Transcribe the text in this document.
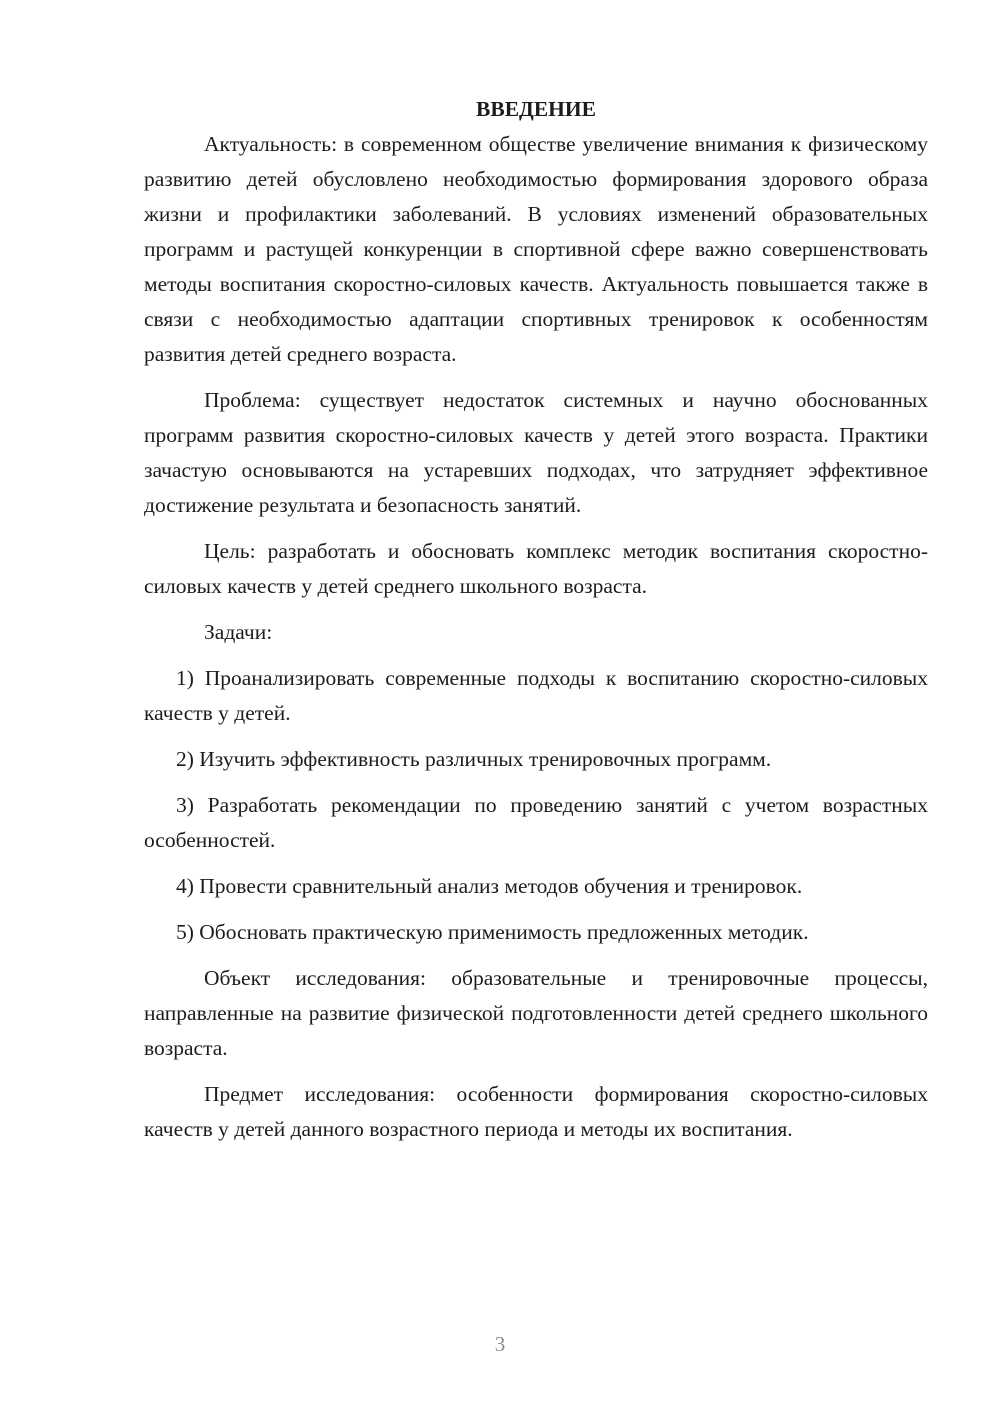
ВВЕДЕНИЕ

Актуальность: в современном обществе увеличение внимания к физическому развитию детей обусловлено необходимостью формирования здорового образа жизни и профилактики заболеваний. В условиях изменений образовательных программ и растущей конкуренции в спортивной сфере важно совершенствовать методы воспитания скоростно-силовых качеств. Актуальность повышается также в связи с необходимостью адаптации спортивных тренировок к особенностям развития детей среднего возраста.

Проблема: существует недостаток системных и научно обоснованных программ развития скоростно-силовых качеств у детей этого возраста. Практики зачастую основываются на устаревших подходах, что затрудняет эффективное достижение результата и безопасность занятий.

Цель: разработать и обосновать комплекс методик воспитания скоростно-силовых качеств у детей среднего школьного возраста.

Задачи:

1) Проанализировать современные подходы к воспитанию скоростно-силовых качеств у детей.

2) Изучить эффективность различных тренировочных программ.

3) Разработать рекомендации по проведению занятий с учетом возрастных особенностей.

4) Провести сравнительный анализ методов обучения и тренировок.

5) Обосновать практическую применимость предложенных методик.

Объект исследования: образовательные и тренировочные процессы, направленные на развитие физической подготовленности детей среднего школьного возраста.

Предмет исследования: особенности формирования скоростно-силовых качеств у детей данного возрастного периода и методы их воспитания.

3
